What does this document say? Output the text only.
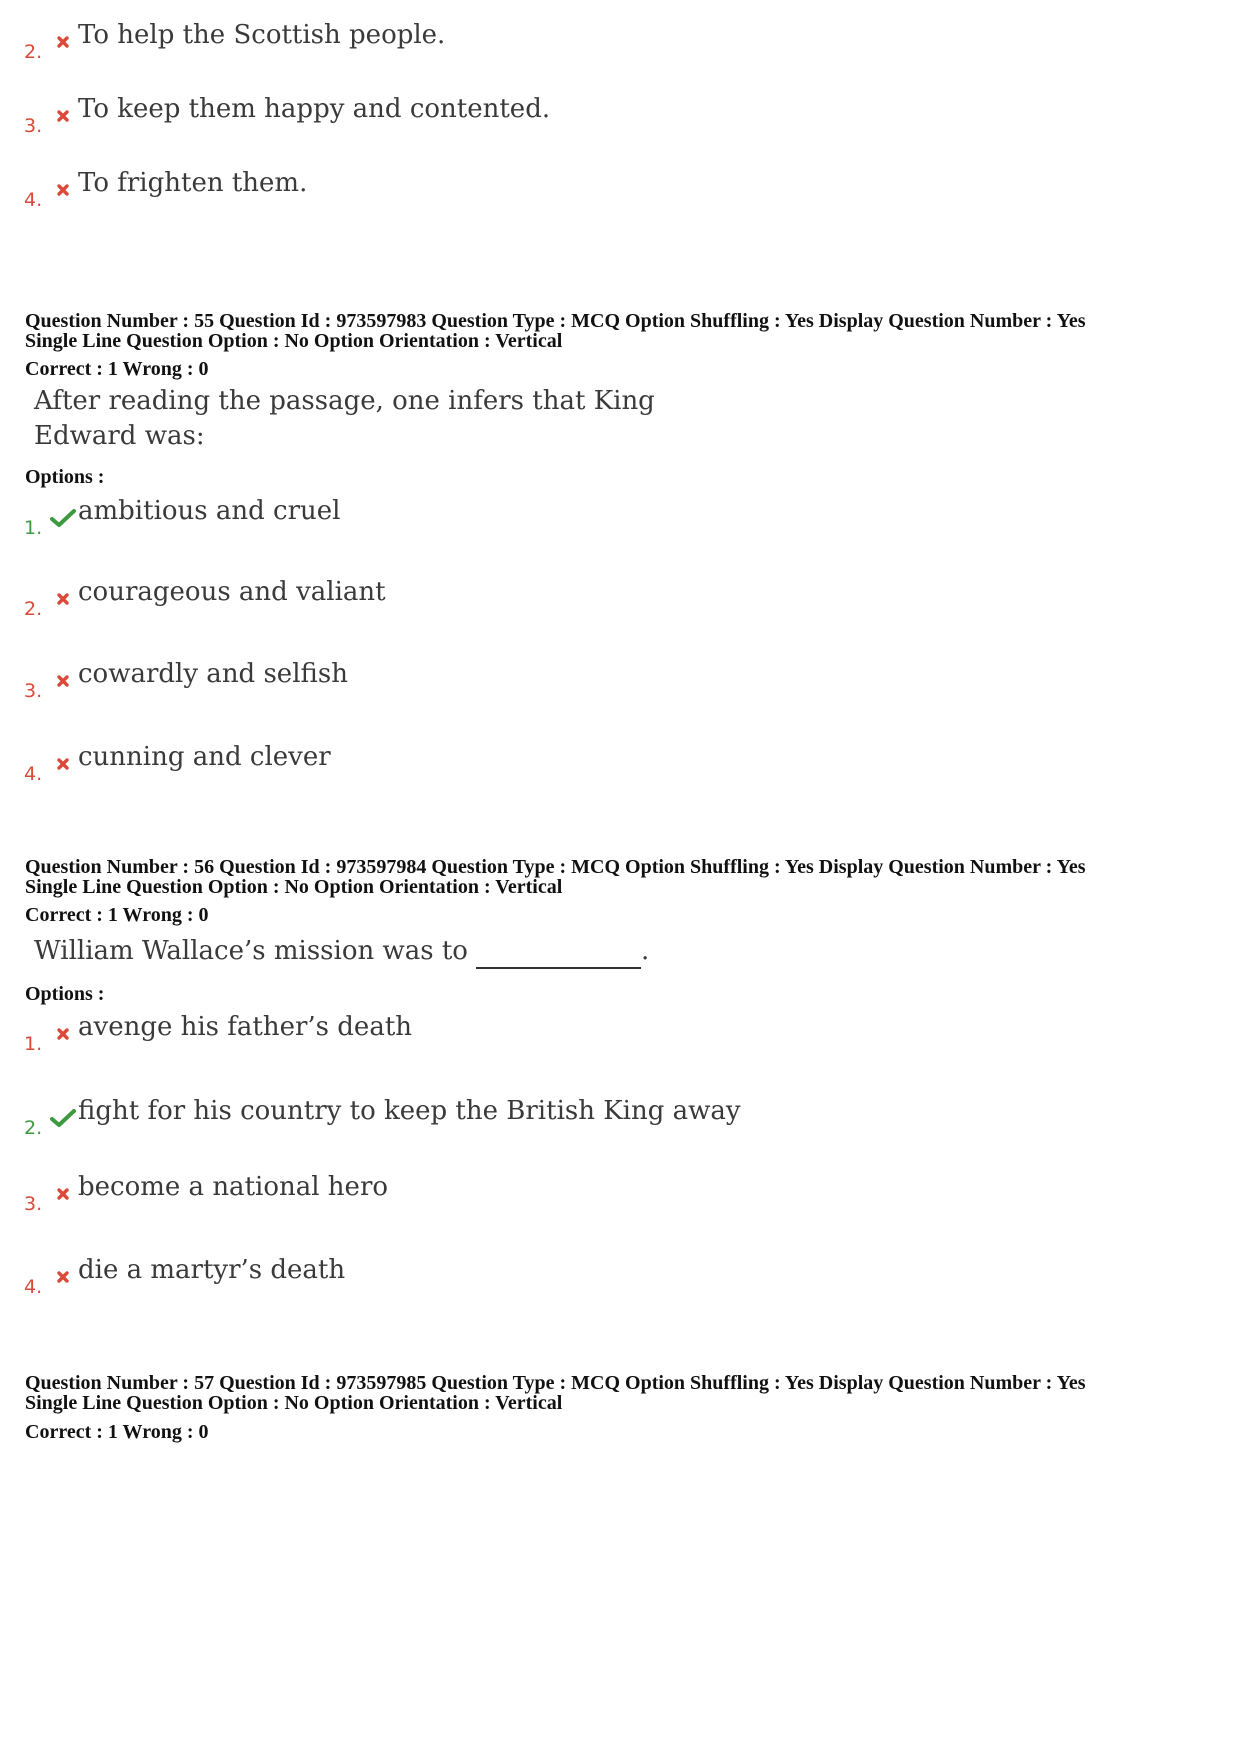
2.
To help the Scottish people.
3.
To keep them happy and contented.
4.
To frighten them.
Question Number : 55 Question Id : 973597983 Question Type : MCQ Option Shuffling : Yes Display Question Number : Yes
Single Line Question Option : No Option Orientation : Vertical
Correct : 1 Wrong : 0
After reading the passage, one infers that King
Edward was:
Options :
1.
ambitious and cruel
2.
courageous and valiant
3.
cowardly and selfish
4.
cunning and clever
Question Number : 56 Question Id : 973597984 Question Type : MCQ Option Shuffling : Yes Display Question Number : Yes
Single Line Question Option : No Option Orientation : Vertical
Correct : 1 Wrong : 0
William Wallace’s mission was to	.
Options :
1.
avenge his father’s death
2.
fight for his country to keep the British King away
3.
become a national hero
4.
die a martyr’s death
Question Number : 57 Question Id : 973597985 Question Type : MCQ Option Shuffling : Yes Display Question Number : Yes
Single Line Question Option : No Option Orientation : Vertical
Correct : 1 Wrong : 0
